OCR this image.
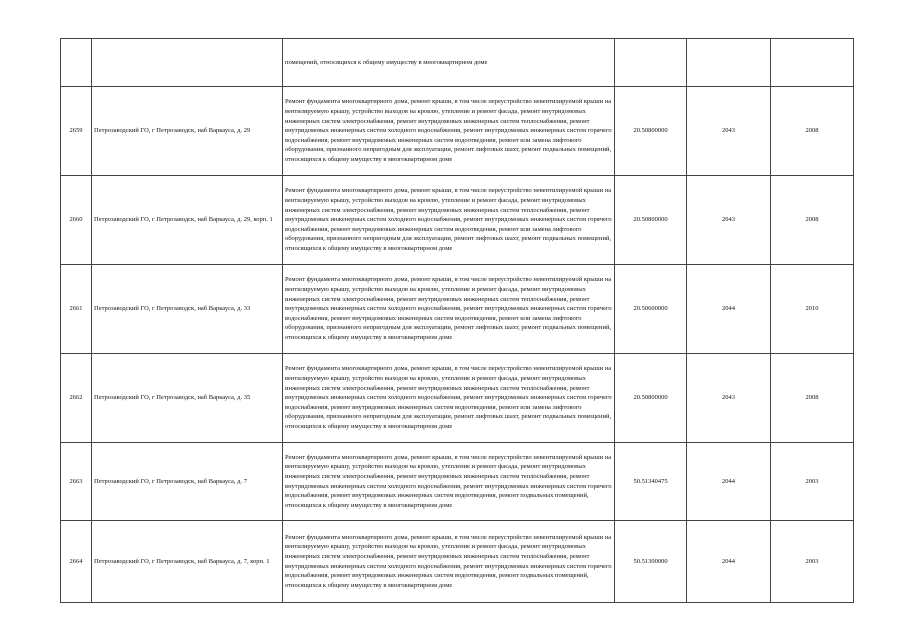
		помещений, относящихся к общему имуществу в многоквартирном доме			
2659	Петрозаводский ГО, г Петрозаводск, наб Варкауса, д. 29	Ремонт фундамента многоквартирного дома, ремонт крыши, в том числе переустройство невентилируемой крыши на вентилируемую крышу, устройство выходов на кровлю, утепление и ремонт фасада, ремонт внутридомовых инженерных систем электроснабжения, ремонт внутридомовых инженерных систем теплоснабжения, ремонт внутридомовых инженерных систем холодного водоснабжения, ремонт внутридомовых инженерных систем горячего водоснабжения, ремонт внутридомовых инженерных систем водоотведения, ремонт или замена лифтового оборудования, признанного непригодным для эксплуатации, ремонт лифтовых шахт, ремонт подвальных помещений, относящихся к общему имуществу в многоквартирном доме	20.50800000	2043	2008
2660	Петрозаводский ГО, г Петрозаводск, наб Варкауса, д. 29, корп. 1	Ремонт фундамента многоквартирного дома, ремонт крыши, в том числе переустройство невентилируемой крыши на вентилируемую крышу, устройство выходов на кровлю, утепление и ремонт фасада, ремонт внутридомовых инженерных систем электроснабжения, ремонт внутридомовых инженерных систем теплоснабжения, ремонт внутридомовых инженерных систем холодного водоснабжения, ремонт внутридомовых инженерных систем горячего водоснабжения, ремонт внутридомовых инженерных систем водоотведения, ремонт или замена лифтового оборудования, признанного непригодным для эксплуатации, ремонт лифтовых шахт, ремонт подвальных помещений, относящихся к общему имуществу в многоквартирном доме	20.50800000	2043	2008
2661	Петрозаводский ГО, г Петрозаводск, наб Варкауса, д. 33	Ремонт фундамента многоквартирного дома, ремонт крыши, в том числе переустройство невентилируемой крыши на вентилируемую крышу, устройство выходов на кровлю, утепление и ремонт фасада, ремонт внутридомовых инженерных систем электроснабжения, ремонт внутридомовых инженерных систем теплоснабжения, ремонт внутридомовых инженерных систем холодного водоснабжения, ремонт внутридомовых инженерных систем горячего водоснабжения, ремонт внутридомовых инженерных систем водоотведения, ремонт или замена лифтового оборудования, признанного непригодным для эксплуатации, ремонт лифтовых шахт, ремонт подвальных помещений, относящихся к общему имуществу в многоквартирном доме	20.50600000	2044	2010
2662	Петрозаводский ГО, г Петрозаводск, наб Варкауса, д. 35	Ремонт фундамента многоквартирного дома, ремонт крыши, в том числе переустройство невентилируемой крыши на вентилируемую крышу, устройство выходов на кровлю, утепление и ремонт фасада, ремонт внутридомовых инженерных систем электроснабжения, ремонт внутридомовых инженерных систем теплоснабжения, ремонт внутридомовых инженерных систем холодного водоснабжения, ремонт внутридомовых инженерных систем горячего водоснабжения, ремонт внутридомовых инженерных систем водоотведения, ремонт или замена лифтового оборудования, признанного непригодным для эксплуатации, ремонт лифтовых шахт, ремонт подвальных помещений, относящихся к общему имуществу в многоквартирном доме	20.50800000	2043	2008
2663	Петрозаводский ГО, г Петрозаводск, наб Варкауса, д. 7	Ремонт фундамента многоквартирного дома, ремонт крыши, в том числе переустройство невентилируемой крыши на вентилируемую крышу, устройство выходов на кровлю, утепление и ремонт фасада, ремонт внутридомовых инженерных систем электроснабжения, ремонт внутридомовых инженерных систем теплоснабжения, ремонт внутридомовых инженерных систем холодного водоснабжения, ремонт внутридомовых инженерных систем горячего водоснабжения, ремонт внутридомовых инженерных систем водоотведения, ремонт подвальных помещений, относящихся к общему имуществу в многоквартирном доме	50.51340475	2044	2003
2664	Петрозаводский ГО, г Петрозаводск, наб Варкауса, д. 7, корп. 1	Ремонт фундамента многоквартирного дома, ремонт крыши, в том числе переустройство невентилируемой крыши на вентилируемую крышу, устройство выходов на кровлю, утепление и ремонт фасада, ремонт внутридомовых инженерных систем электроснабжения, ремонт внутридомовых инженерных систем теплоснабжения, ремонт внутридомовых инженерных систем холодного водоснабжения, ремонт внутридомовых инженерных систем горячего водоснабжения, ремонт внутридомовых инженерных систем водоотведения, ремонт подвальных помещений, относящихся к общему имуществу в многоквартирном доме	50.51300000	2044	2003
